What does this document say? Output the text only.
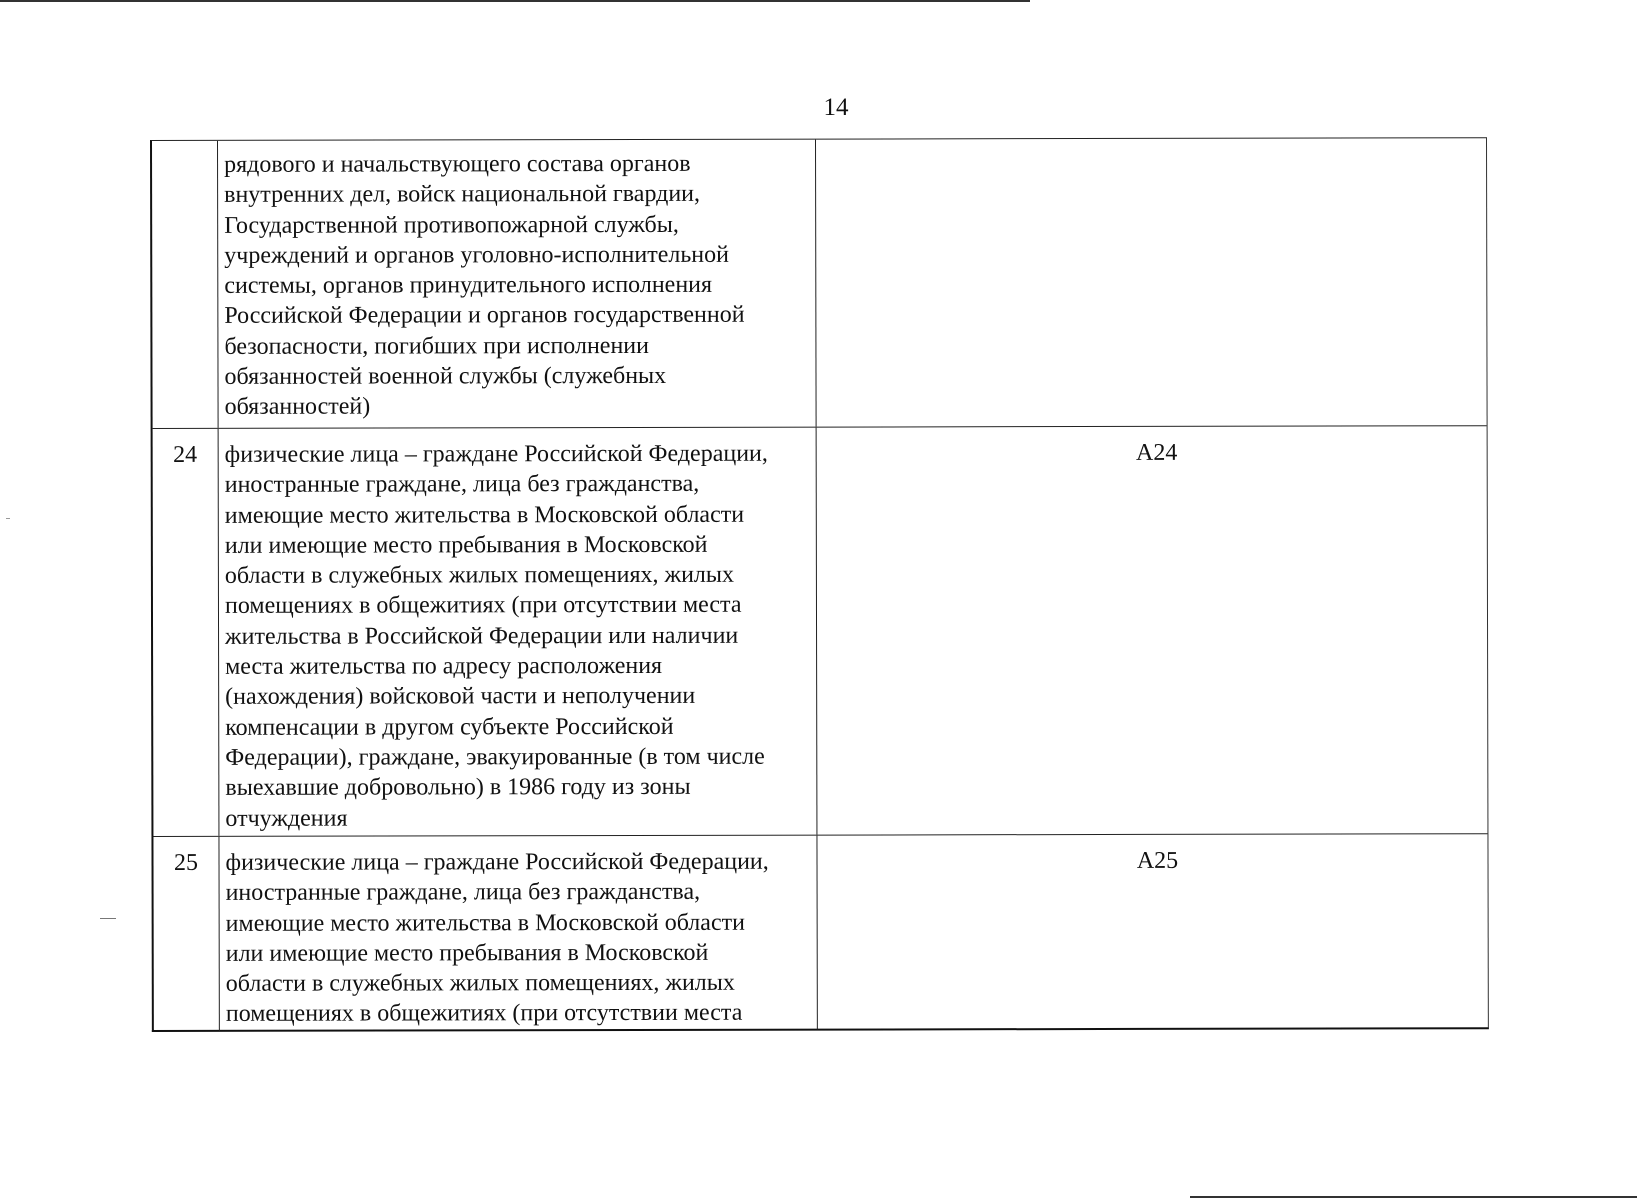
14
рядового и начальствующего состава органов
внутренних дел, войск национальной гвардии,
Государственной противопожарной службы,
учреждений и органов уголовно-исполнительной
системы, органов принудительного исполнения
Российской Федерации и органов государственной
безопасности, погибших при исполнении
обязанностей военной службы (служебных
обязанностей)
24	физические лица – граждане Российской Федерации,
иностранные граждане, лица без гражданства,
имеющие место жительства в Московской области
или имеющие место пребывания в Московской
области в служебных жилых помещениях, жилых
помещениях в общежитиях (при отсутствии места
жительства в Российской Федерации или наличии
места жительства по адресу расположения
(нахождения) войсковой части и неполучении
компенсации в другом субъекте Российской
Федерации), граждане, эвакуированные (в том числе
выехавшие добровольно) в 1986 году из зоны
отчуждения
А24
25	физические лица – граждане Российской Федерации,
иностранные граждане, лица без гражданства,
имеющие место жительства в Московской области
или имеющие место пребывания в Московской
области в служебных жилых помещениях, жилых
помещениях в общежитиях (при отсутствии места
А25
